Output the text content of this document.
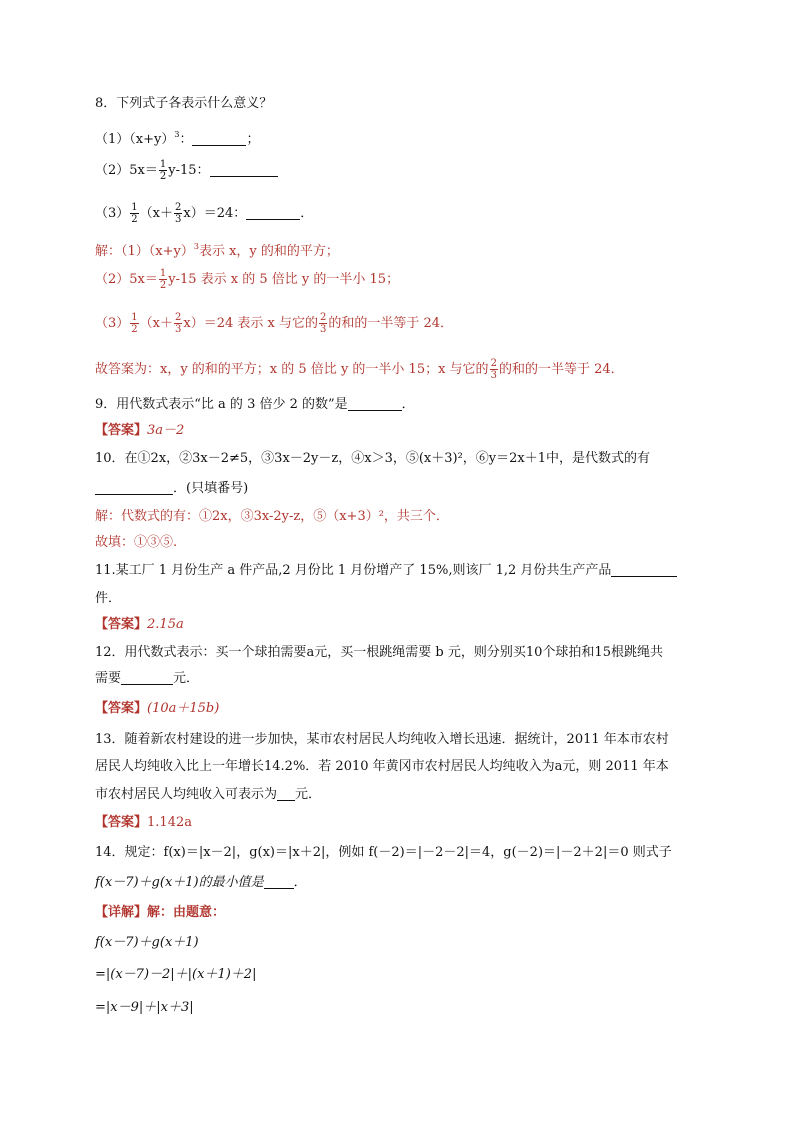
8．下列式子各表示什么意义？
$(1)(x+y)^3$：	；
$(2)5x= \frac{1}{2} y-15$：
$(3) \frac{1}{2} (x+ \frac{2}{3} x)=24$：	．
解：$(1)(x+y)^3$表示 x，y 的和的平方；
$(2)5x= \frac{1}{2} y-15$ 表示 x 的 5 倍比 y 的一半小 15；
$(3) \frac{1}{2} (x+ \frac{2}{3} x)=24$ 表示 x 与它的 $\frac{2}{3}$ 的和的一半等于 24．
故答案为：x，y 的和的平方；x 的 5 倍比 y 的一半小 15；x 与它的 $\frac{2}{3}$ 的和的一半等于 24．
9．用代数式表示“比 a 的 3 倍少 2 的数”是	．
【答案】3a－2
10．在①2x，②3x－2≠5，③3x－2y－z，④x＞3，⑤(x＋3)²，⑥y＝2x＋1中，是代数式的有
．(只填番号)
解：代数式的有：①2x，③3x-2y-z，⑤（x+3）²，共三个．
故填：①③⑤.
11.某工厂 1 月份生产 a 件产品,2 月份比 1 月份增产了 15%,则该厂 1,2 月份共生产产品
件．
【答案】2.15a
12．用代数式表示：买一个球拍需要a元，买一根跳绳需要 b 元，则分别买10个球拍和15根跳绳共
需要	元．
【答案】(10a＋15b)
13．随着新农村建设的进一步加快，某市农村居民人均纯收入增长迅速．据统计，2011 年本市农村
居民人均纯收入比上一年增长14.2%．若 2010 年黄冈市农村居民人均纯收入为a元，则 2011 年本
市农村居民人均纯收入可表示为 元．
【答案】1.142a
14．规定：f(x)＝|x－2|，g(x)＝|x＋2|，例如 f(－2)＝|－2－2|＝4，g(－2)＝|－2＋2|＝0 则式子
f(x－7)＋g(x＋1)的最小值是 ．
【详解】解：由题意：
f(x－7)＋g(x＋1)
=|(x－7)－2|＋|(x＋1)＋2|
=|x－9|＋|x＋3|
